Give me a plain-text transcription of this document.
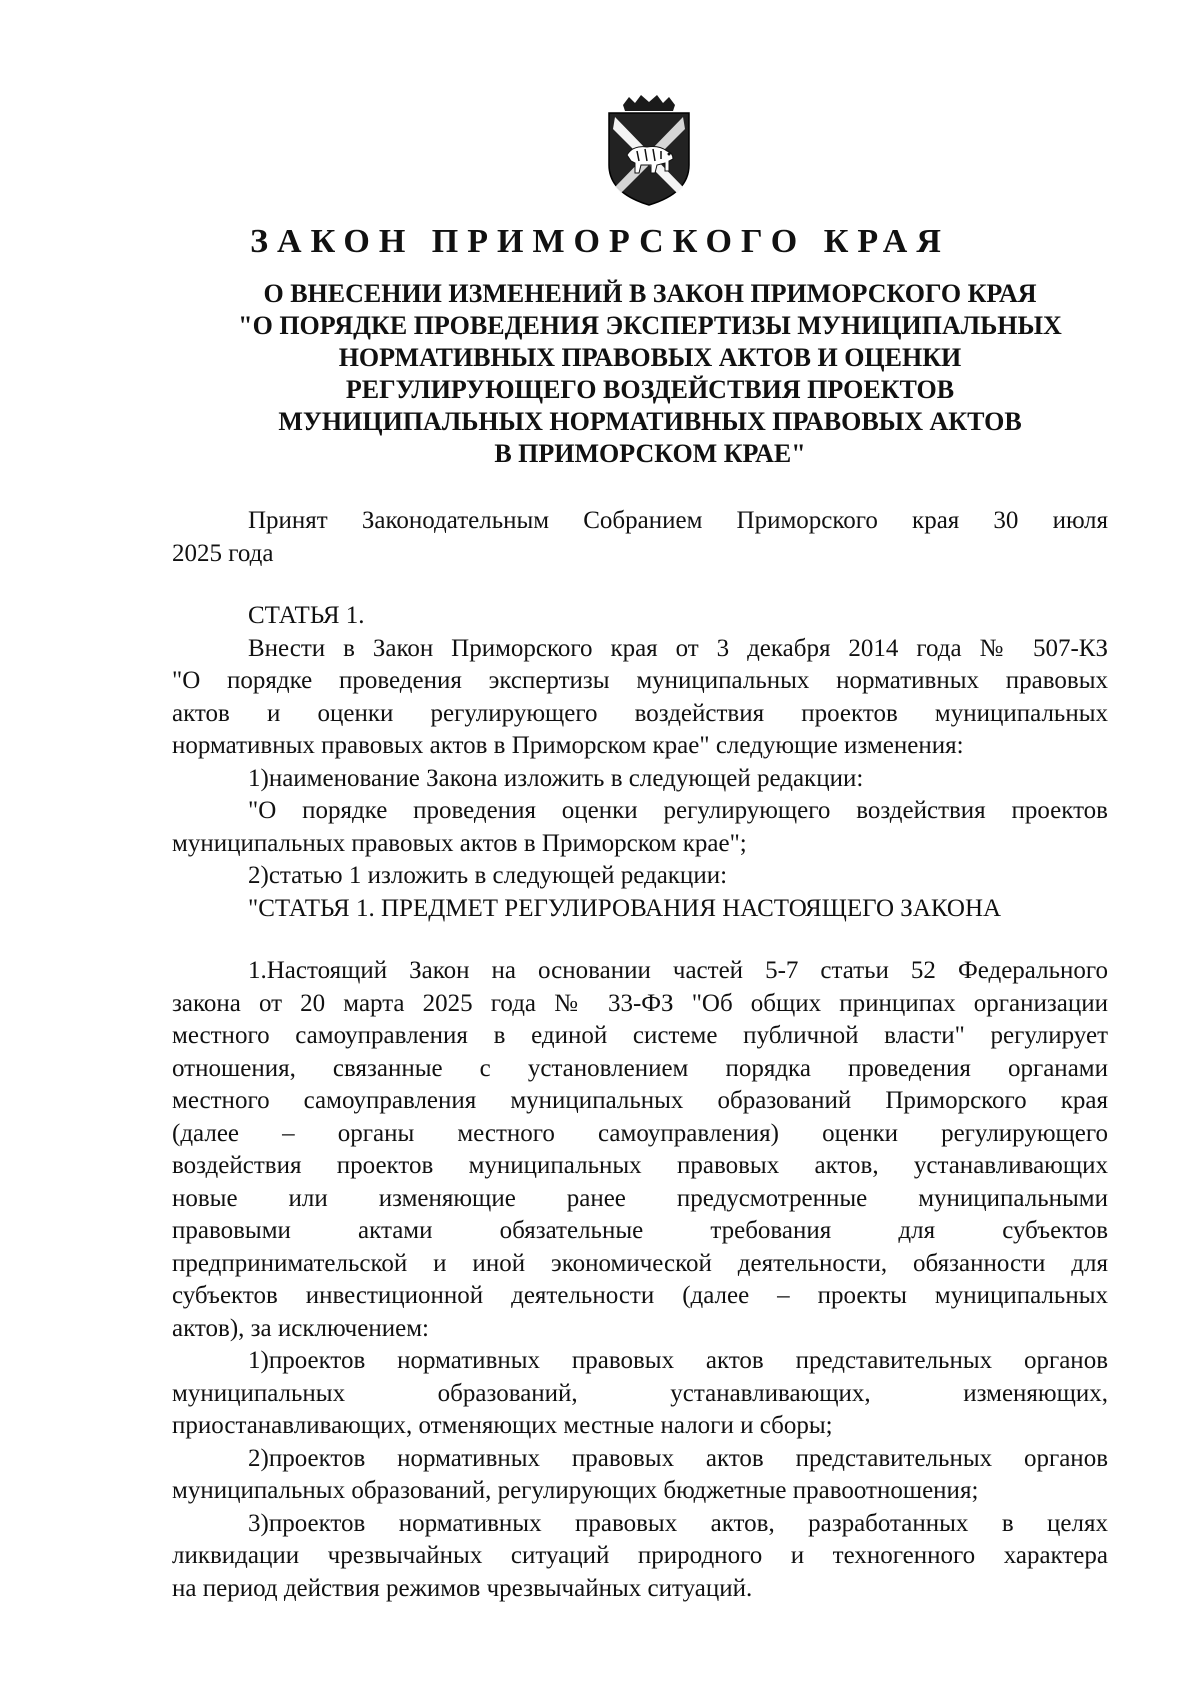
ЗАКОН ПРИМОРСКОГО КРАЯ
О ВНЕСЕНИИ ИЗМЕНЕНИЙ В ЗАКОН ПРИМОРСКОГО КРАЯ
"О ПОРЯДКЕ ПРОВЕДЕНИЯ ЭКСПЕРТИЗЫ МУНИЦИПАЛЬНЫХ
НОРМАТИВНЫХ ПРАВОВЫХ АКТОВ И ОЦЕНКИ
РЕГУЛИРУЮЩЕГО ВОЗДЕЙСТВИЯ ПРОЕКТОВ
МУНИЦИПАЛЬНЫХ НОРМАТИВНЫХ ПРАВОВЫХ АКТОВ
В ПРИМОРСКОМ КРАЕ"
Принят Законодательным Собранием Приморского края 30 июля
2025 года
СТАТЬЯ 1.
Внести в Закон Приморского края от 3 декабря 2014 года № 507-КЗ
"О порядке проведения экспертизы муниципальных нормативных правовых
актов и оценки регулирующего воздействия проектов муниципальных
нормативных правовых актов в Приморском крае" следующие изменения:
1)наименование Закона изложить в следующей редакции:
"О порядке проведения оценки регулирующего воздействия проектов
муниципальных правовых актов в Приморском крае";
2)статью 1 изложить в следующей редакции:
"СТАТЬЯ 1. ПРЕДМЕТ РЕГУЛИРОВАНИЯ НАСТОЯЩЕГО ЗАКОНА
1.Настоящий Закон на основании частей 5-7 статьи 52 Федерального
закона от 20 марта 2025 года № 33-ФЗ "Об общих принципах организации
местного самоуправления в единой системе публичной власти" регулирует
отношения, связанные с установлением порядка проведения органами
местного самоуправления муниципальных образований Приморского края
(далее – органы местного самоуправления) оценки регулирующего
воздействия проектов муниципальных правовых актов, устанавливающих
новые или изменяющие ранее предусмотренные муниципальными
правовыми актами обязательные требования для субъектов
предпринимательской и иной экономической деятельности, обязанности для
субъектов инвестиционной деятельности (далее – проекты муниципальных
актов), за исключением:
1)проектов нормативных правовых актов представительных органов
муниципальных образований, устанавливающих, изменяющих,
приостанавливающих, отменяющих местные налоги и сборы;
2)проектов нормативных правовых актов представительных органов
муниципальных образований, регулирующих бюджетные правоотношения;
3)проектов нормативных правовых актов, разработанных в целях
ликвидации чрезвычайных ситуаций природного и техногенного характера
на период действия режимов чрезвычайных ситуаций.
